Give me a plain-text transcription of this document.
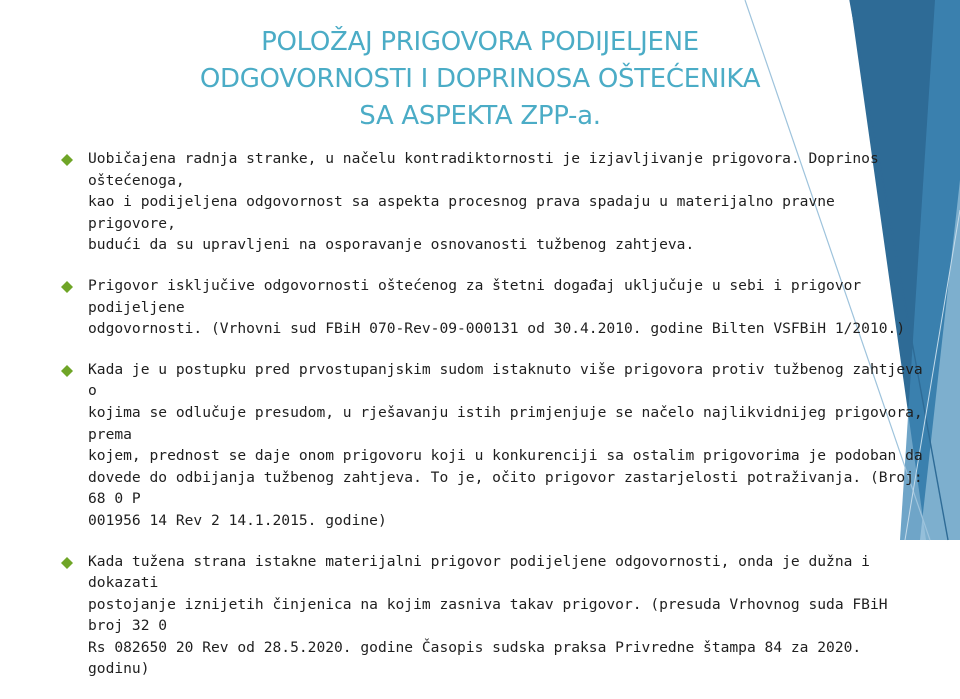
POLOŽAJ PRIGOVORA PODIJELJENE
ODGOVORNOSTI I DOPRINOSA OŠTEĆENIKA
SA ASPEKTA ZPP-a.
Uobičajena radnja stranke, u načelu kontradiktornosti je izjavljivanje prigovora. Doprinos oštećenoga,
kao i podijeljena odgovornost sa aspekta procesnog prava spadaju u materijalno pravne prigovore,
budući da su upravljeni na osporavanje osnovanosti tužbenog zahtjeva.
Prigovor isključive odgovornosti oštećenog za štetni događaj uključuje u sebi i prigovor podijeljene
odgovornosti. (Vrhovni sud FBiH 070-Rev-09-000131 od 30.4.2010. godine Bilten VSFBiH 1/2010.)
Kada je u postupku pred prvostupanjskim sudom istaknuto više prigovora protiv tužbenog zahtjeva o
kojima se odlučuje presudom, u rješavanju istih primjenjuje se načelo najlikvidnijeg prigovora, prema
kojem, prednost se daje onom prigovoru koji u konkurenciji sa ostalim prigovorima je podoban da
dovede do odbijanja tužbenog zahtjeva. To je, očito prigovor zastarjelosti potraživanja. (Broj: 68 0 P
001956 14 Rev 2 14.1.2015. godine)
Kada tužena strana istakne materijalni prigovor podijeljene odgovornosti, onda je dužna i dokazati
postojanje iznijetih činjenica na kojim zasniva takav prigovor. (presuda Vrhovnog suda FBiH broj 32 0
Rs 082650 20 Rev od 28.5.2020. godine Časopis sudska praksa Privredne štampa 84 za 2020. godinu)
